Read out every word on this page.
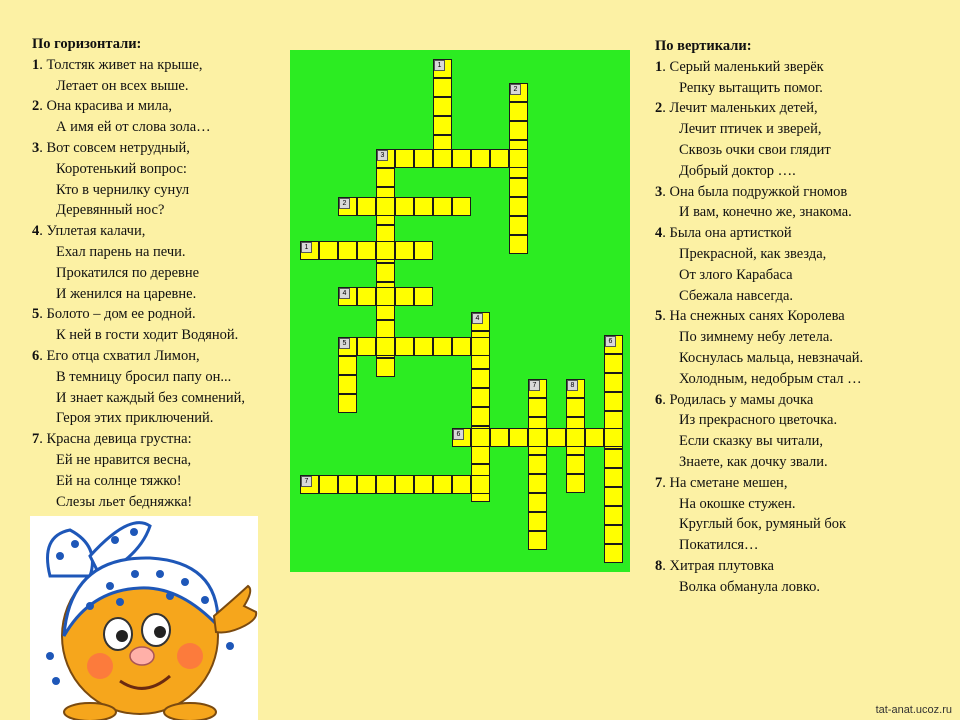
По горизонтали:
1. Толстяк живет на крыше,
Летает он всех выше.
2. Она красива и мила,
А имя ей от слова зола…
3. Вот совсем нетрудный,
Коротенький вопрос:
Кто в чернилку сунул
Деревянный нос?
4. Уплетая калачи,
Ехал парень на печи.
Прокатился по деревне
И женился на царевне.
5. Болото – дом ее родной.
К ней в гости ходит Водяной.
6. Его отца схватил Лимон,
В темницу бросил папу он...
И знает каждый без сомнений,
Героя этих приключений.
7. Красна девица грустна:
Ей не нравится весна,
Ей на солнце тяжко!
Слезы льет бедняжка!
1
2
3
2
1
4
4
5	6
7	8
6
7
По вертикали:
1. Серый маленький зверёк
Репку вытащить помог.
2. Лечит маленьких детей,
Лечит птичек и зверей,
Сквозь очки свои глядит
Добрый доктор ….
3. Она была подружкой гномов
И вам, конечно же, знакома.
4. Была она артисткой
Прекрасной, как звезда,
От злого Карабаса
Сбежала навсегда.
5. На снежных санях Королева
По зимнему небу летела.
Коснулась мальца, невзначай.
Холодным, недобрым стал …
6. Родилась у мамы дочка
Из прекрасного цветочка.
Если сказку вы читали,
Знаете, как дочку звали.
7. На сметане мешен,
На окошке стужен.
Круглый бок, румяный бок
Покатился…
8. Хитрая плутовка
Волка обманула ловко.
tat-anat.ucoz.ru
